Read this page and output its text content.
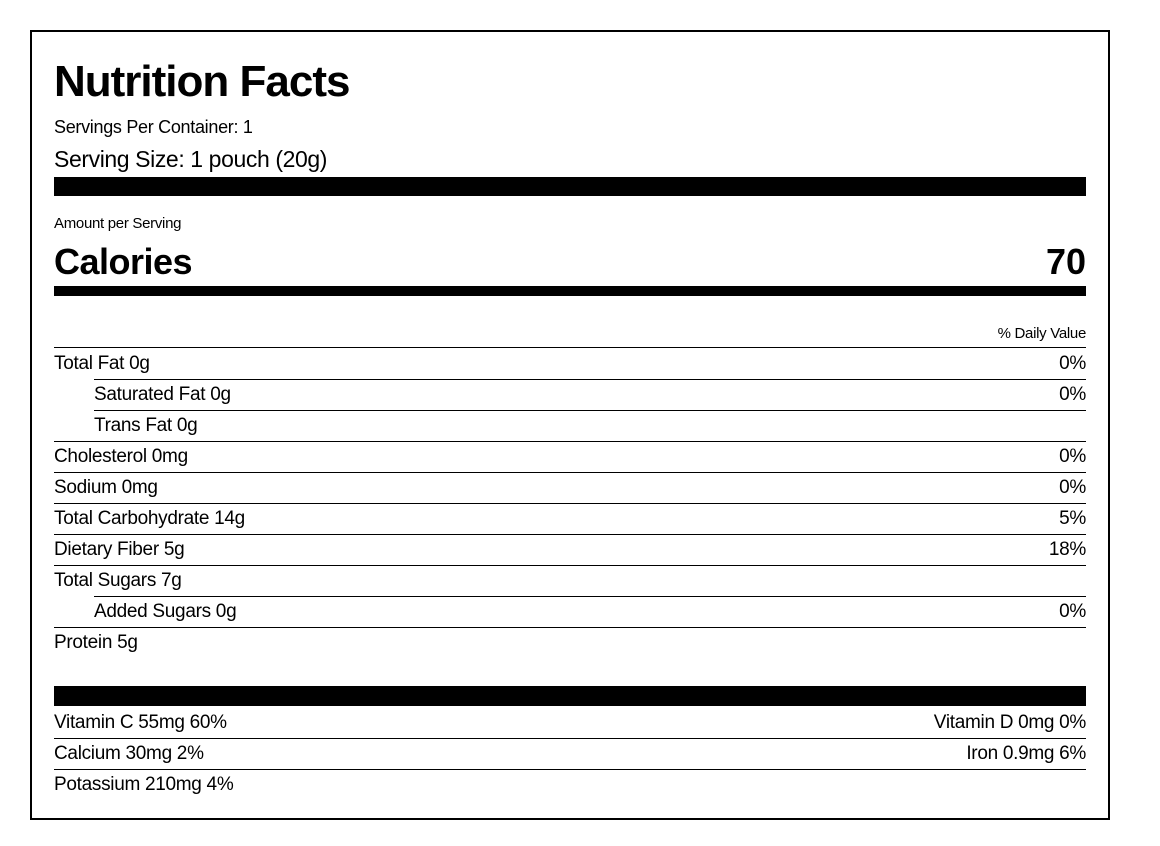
Nutrition Facts
Servings Per Container: 1
Serving Size: 1 pouch (20g)
Amount per Serving
Calories	70
% Daily Value
Total Fat 0g	0%
Saturated Fat 0g	0%
Trans Fat 0g
Cholesterol 0mg	0%
Sodium 0mg	0%
Total Carbohydrate 14g	5%
Dietary Fiber 5g	18%
Total Sugars 7g
Added Sugars 0g	0%
Protein 5g
Vitamin C 55mg 60%	Vitamin D 0mg 0%
Calcium 30mg 2%	Iron 0.9mg 6%
Potassium 210mg 4%
